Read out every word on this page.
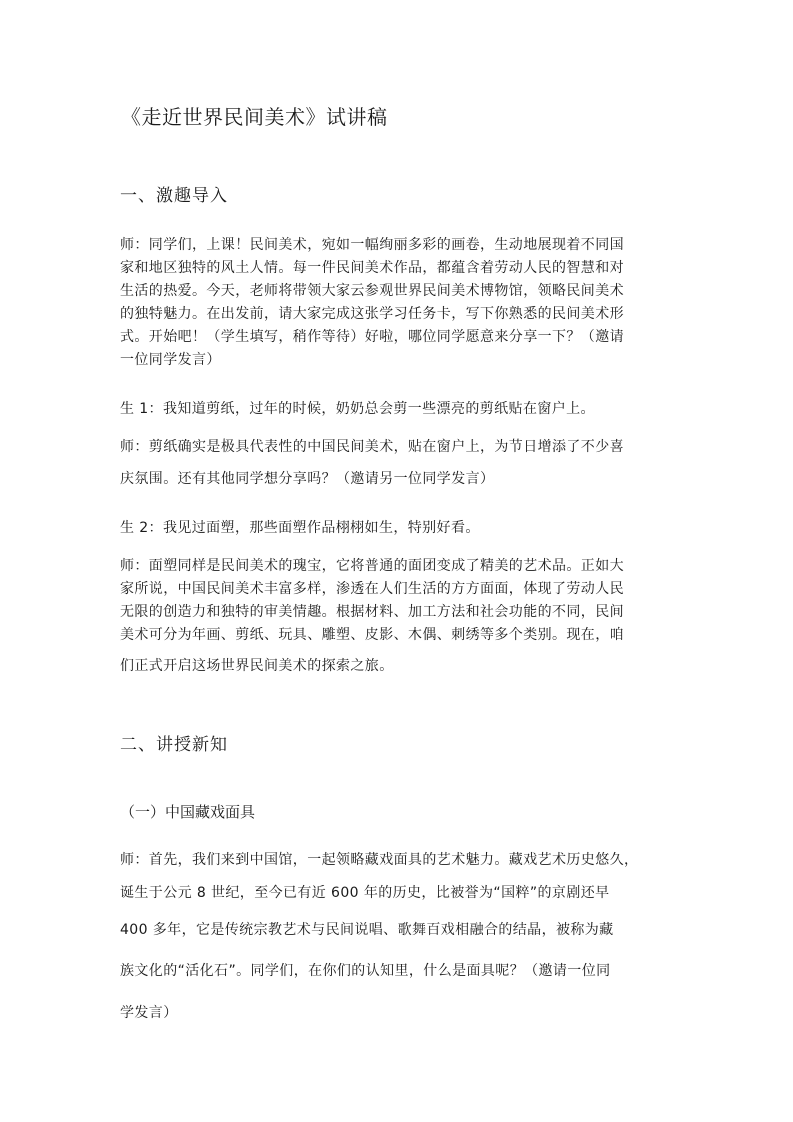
《走近世界民间美术》试讲稿
一、激趣导入
师：同学们，上课！民间美术，宛如一幅绚丽多彩的画卷，生动地展现着不同国
家和地区独特的风土人情。每一件民间美术作品，都蕴含着劳动人民的智慧和对
生活的热爱。今天，老师将带领大家云参观世界民间美术博物馆，领略民间美术
的独特魅力。在出发前，请大家完成这张学习任务卡，写下你熟悉的民间美术形
式。开始吧！（学生填写，稍作等待）好啦，哪位同学愿意来分享一下？（邀请
一位同学发言）
生 1：我知道剪纸，过年的时候，奶奶总会剪一些漂亮的剪纸贴在窗户上。
师：剪纸确实是极具代表性的中国民间美术，贴在窗户上，为节日增添了不少喜
庆氛围。还有其他同学想分享吗？（邀请另一位同学发言）
生 2：我见过面塑，那些面塑作品栩栩如生，特别好看。
师：面塑同样是民间美术的瑰宝，它将普通的面团变成了精美的艺术品。正如大
家所说，中国民间美术丰富多样，渗透在人们生活的方方面面，体现了劳动人民
无限的创造力和独特的审美情趣。根据材料、加工方法和社会功能的不同，民间
美术可分为年画、剪纸、玩具、雕塑、皮影、木偶、刺绣等多个类别。现在，咱
们正式开启这场世界民间美术的探索之旅。
二、讲授新知
（一）中国藏戏面具
师：首先，我们来到中国馆，一起领略藏戏面具的艺术魅力。藏戏艺术历史悠久，
诞生于公元 8 世纪，至今已有近 600 年的历史，比被誉为“国粹”的京剧还早
400 多年，它是传统宗教艺术与民间说唱、歌舞百戏相融合的结晶，被称为藏
族文化的“活化石”。同学们，在你们的认知里，什么是面具呢？（邀请一位同
学发言）
